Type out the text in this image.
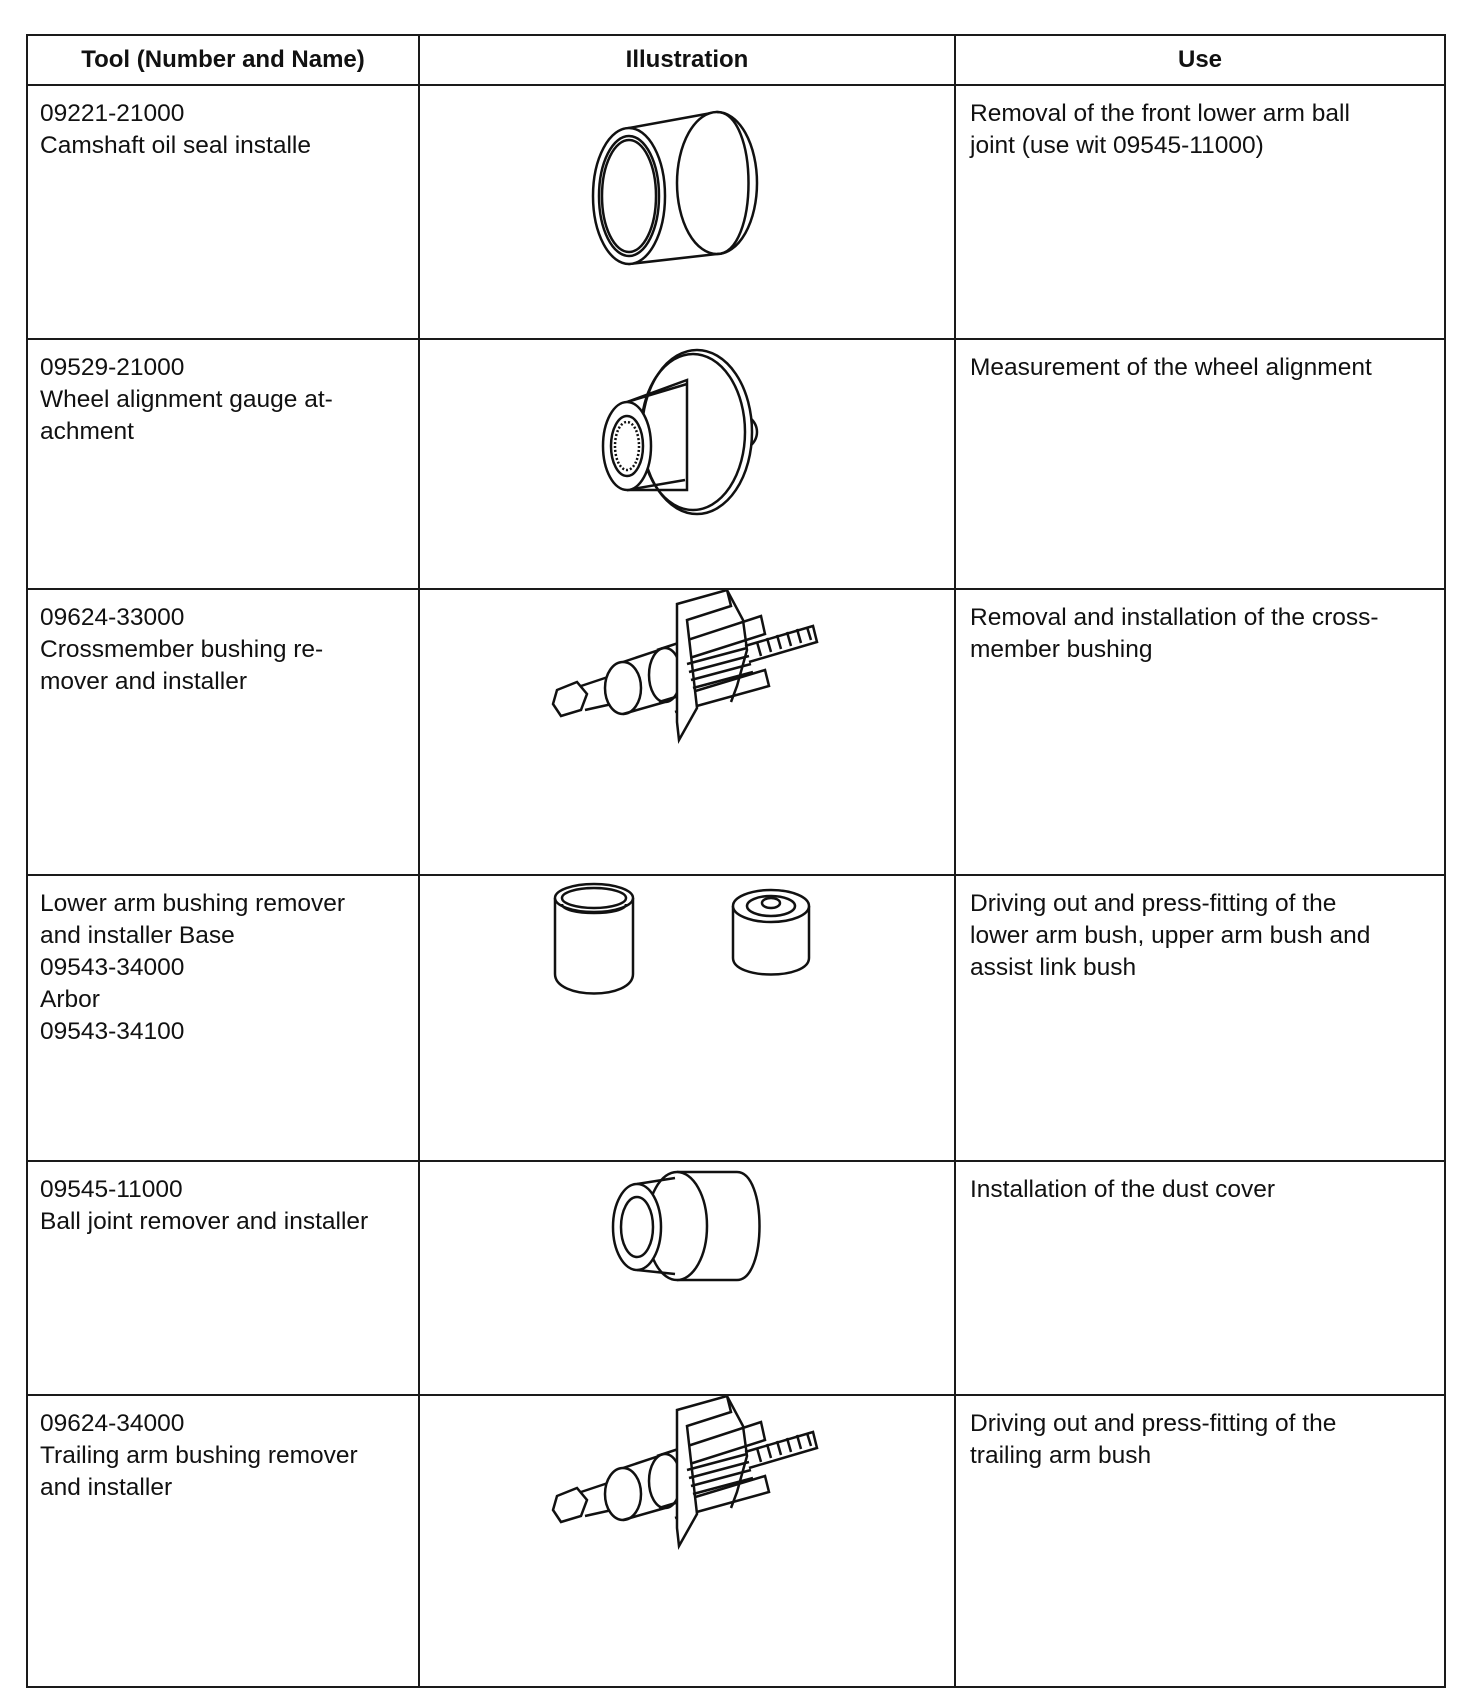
Tool (Number and Name)	Illustration	Use

09221-21000
Camshaft oil seal installe		Removal of the front lower arm ball
joint (use wit 09545-11000)

09529-21000
Wheel alignment gauge at-
achment		Measurement of the wheel alignment

09624-33000
Crossmember bushing re-
mover and installer		Removal and installation of the cross-
member bushing

Lower arm bushing remover
and installer Base
09543-34000
Arbor
09543-34100		Driving out and press-fitting of the
lower arm bush, upper arm bush and
assist link bush

09545-11000
Ball joint remover and installer		Installation of the dust cover

09624-34000
Trailing arm bushing remover
and installer		Driving out and press-fitting of the
trailing arm bush
